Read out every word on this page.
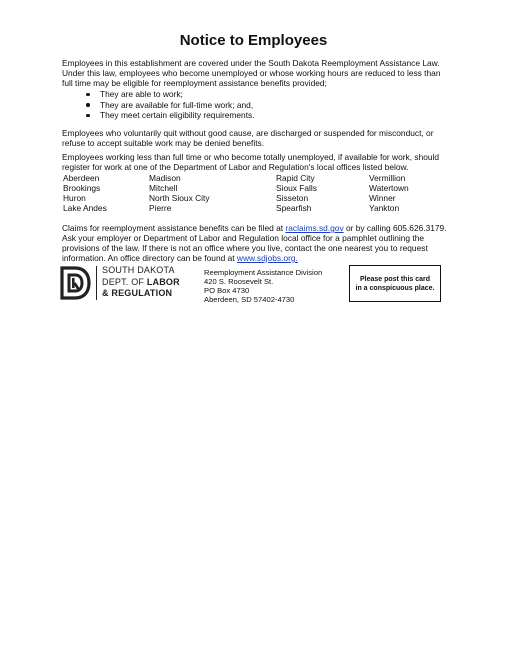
Notice to Employees

Employees in this establishment are covered under the South Dakota Reemployment Assistance Law. Under this law, employees who become unemployed or whose working hours are reduced to less than full time may be eligible for reemployment assistance benefits provided;

They are able to work;
They are available for full-time work; and,
They meet certain eligibility requirements.

Employees who voluntarily quit without good cause, are discharged or suspended for misconduct, or refuse to accept suitable work may be denied benefits.

Employees working less than full time or who become totally unemployed, if available for work, should register for work at one of the Department of Labor and Regulation's local offices listed below.

Aberdeen
Brookings
Huron
Lake Andes
Madison
Mitchell
North Sioux City
Pierre
Rapid City
Sioux Falls
Sisseton
Spearfish
Vermillion
Watertown
Winner
Yankton

Claims for reemployment assistance benefits can be filed at raclaims.sd.gov or by calling 605.626.3179. Ask your employer or Department of Labor and Regulation local office for a pamphlet outlining the provisions of the law. If there is not an office where you live, contact the one nearest you to request information. An office directory can be found at www.sdjobs.org.

SOUTH DAKOTA
DEPT. OF LABOR
& REGULATION
Reemployment Assistance Division
420 S. Roosevelt St.
PO Box 4730
Aberdeen, SD 57402-4730
Please post this card
in a conspicuous place.
